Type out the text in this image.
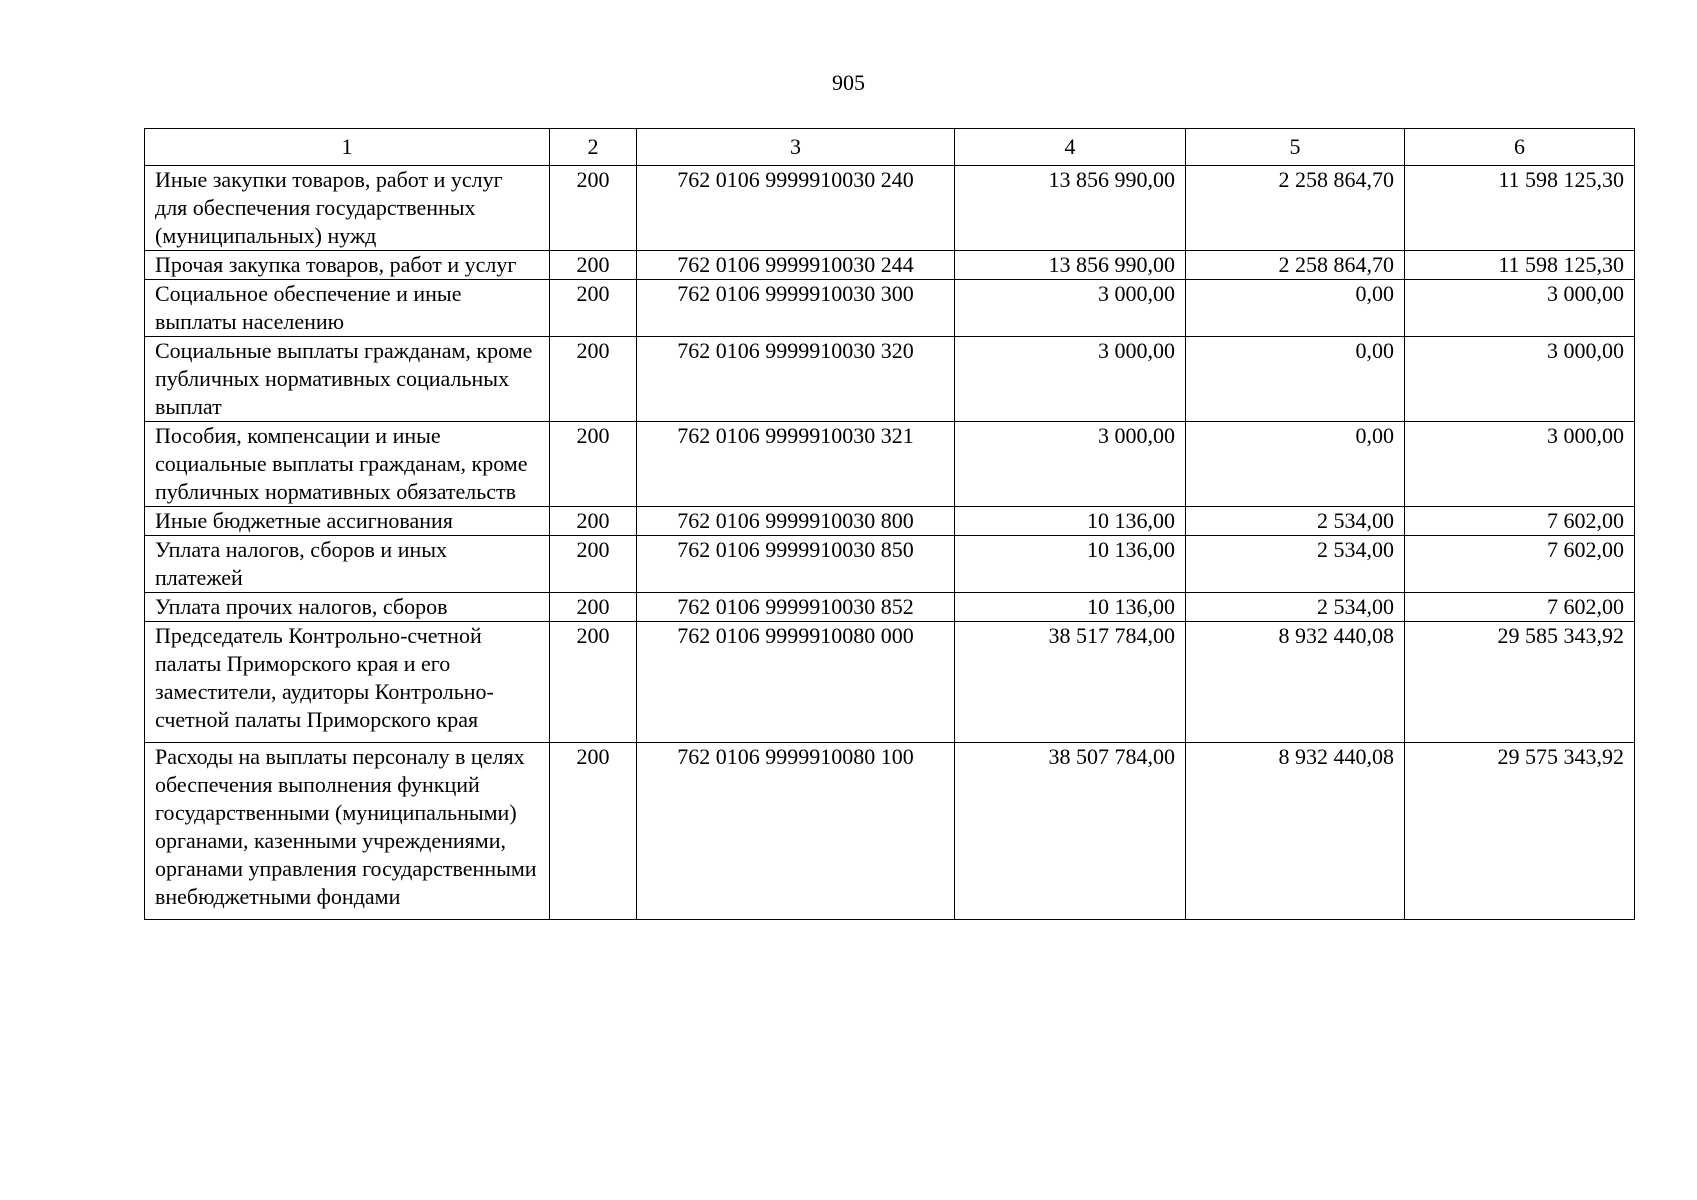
905
1	2	3	4	5	6
Иные закупки товаров, работ и услуг для обеспечения государственных (муниципальных) нужд	200	762 0106 9999910030 240	13 856 990,00	2 258 864,70	11 598 125,30
Прочая закупка товаров, работ и услуг	200	762 0106 9999910030 244	13 856 990,00	2 258 864,70	11 598 125,30
Социальное обеспечение и иные выплаты населению	200	762 0106 9999910030 300	3 000,00	0,00	3 000,00
Социальные выплаты гражданам, кроме публичных нормативных социальных выплат	200	762 0106 9999910030 320	3 000,00	0,00	3 000,00
Пособия, компенсации и иные социальные выплаты гражданам, кроме публичных нормативных обязательств	200	762 0106 9999910030 321	3 000,00	0,00	3 000,00
Иные бюджетные ассигнования	200	762 0106 9999910030 800	10 136,00	2 534,00	7 602,00
Уплата налогов, сборов и иных платежей	200	762 0106 9999910030 850	10 136,00	2 534,00	7 602,00
Уплата прочих налогов, сборов	200	762 0106 9999910030 852	10 136,00	2 534,00	7 602,00
Председатель Контрольно-счетной палаты Приморского края и его заместители, аудиторы Контрольно-счетной палаты Приморского края	200	762 0106 9999910080 000	38 517 784,00	8 932 440,08	29 585 343,92
Расходы на выплаты персоналу в целях обеспечения выполнения функций государственными (муниципальными) органами, казенными учреждениями, органами управления государственными внебюджетными фондами	200	762 0106 9999910080 100	38 507 784,00	8 932 440,08	29 575 343,92
